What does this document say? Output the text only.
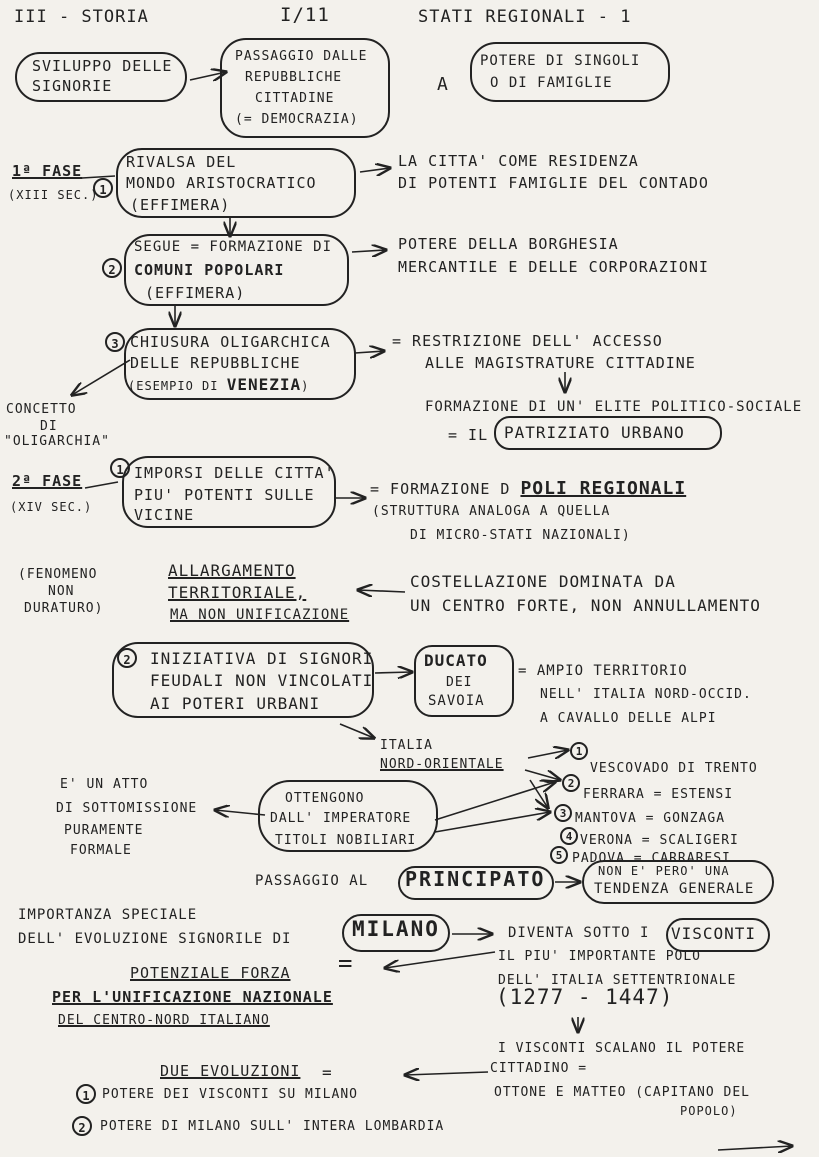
III - STORIA	I/11	STATI REGIONALI - 1
SVILUPPO DELLE
SIGNORIE
PASSAGGIO DALLE
REPUBBLICHE
CITTADINE
(= DEMOCRAZIA)
A
POTERE DI SINGOLI
O DI FAMIGLIE
1ª FASE
(XIII SEC.) 1
RIVALSA DEL
MONDO ARISTOCRATICO
(EFFIMERA)
LA CITTA' COME RESIDENZA
DI POTENTI FAMIGLIE DEL CONTADO
2
SEGUE = FORMAZIONE DI
COMUNI POPOLARI
(EFFIMERA)
POTERE DELLA BORGHESIA
MERCANTILE E DELLE CORPORAZIONI
3 CHIUSURA OLIGARCHICA
DELLE REPUBBLICHE
(ESEMPIO DI VENEZIA)
= RESTRIZIONE DELL' ACCESSO
ALLE MAGISTRATURE CITTADINE
FORMAZIONE DI UN' ELITE POLITICO-SOCIALE
= IL PATRIZIATO URBANO
CONCETTO
DI
"OLIGARCHIA"
2ª FASE
(XIV SEC.)
1 IMPORSI DELLE CITTA'
PIU' POTENTI SULLE
VICINE
= FORMAZIONE D POLI REGIONALI
(STRUTTURA ANALOGA A QUELLA
DI MICRO-STATI NAZIONALI)
(FENOMENO
NON
DURATURO)
ALLARGAMENTO
TERRITORIALE,
MA NON UNIFICAZIONE
COSTELLAZIONE DOMINATA DA
UN CENTRO FORTE, NON ANNULLAMENTO
2	INIZIATIVA DI SIGNORI
FEUDALI NON VINCOLATI
AI POTERI URBANI
DUCATO
DEI
SAVOIA
= AMPIO TERRITORIO
NELL' ITALIA NORD-OCCID.
A CAVALLO DELLE ALPI
ITALIA
NORD-ORIENTALE
1
VESCOVADO DI TRENTO
2
FERRARA = ESTENSI
3 MANTOVA = GONZAGA
4 VERONA = SCALIGERI
5 PADOVA = CARRARESI
E' UN ATTO
DI SOTTOMISSIONE
PURAMENTE
FORMALE
OTTENGONO
DALL' IMPERATORE
TITOLI NOBILIARI
PASSAGGIO AL PRINCIPATO	NON E' PERO' UNA
TENDENZA GENERALE
IMPORTANZA SPECIALE
DELL' EVOLUZIONE SIGNORILE DI	MILANO	DIVENTA SOTTO I VISCONTI
IL PIU' IMPORTANTE POLO
DELL' ITALIA SETTENTRIONALE
(1277 - 1447)
POTENZIALE FORZA
PER L'UNIFICAZIONE NAZIONALE
DEL CENTRO-NORD ITALIANO
=
I VISCONTI SCALANO IL POTERE
CITTADINO =
OTTONE E MATTEO (CAPITANO DEL
POPOLO)
DUE EVOLUZIONI =
1 POTERE DEI VISCONTI SU MILANO
2	POTERE DI MILANO SULL' INTERA LOMBARDIA
